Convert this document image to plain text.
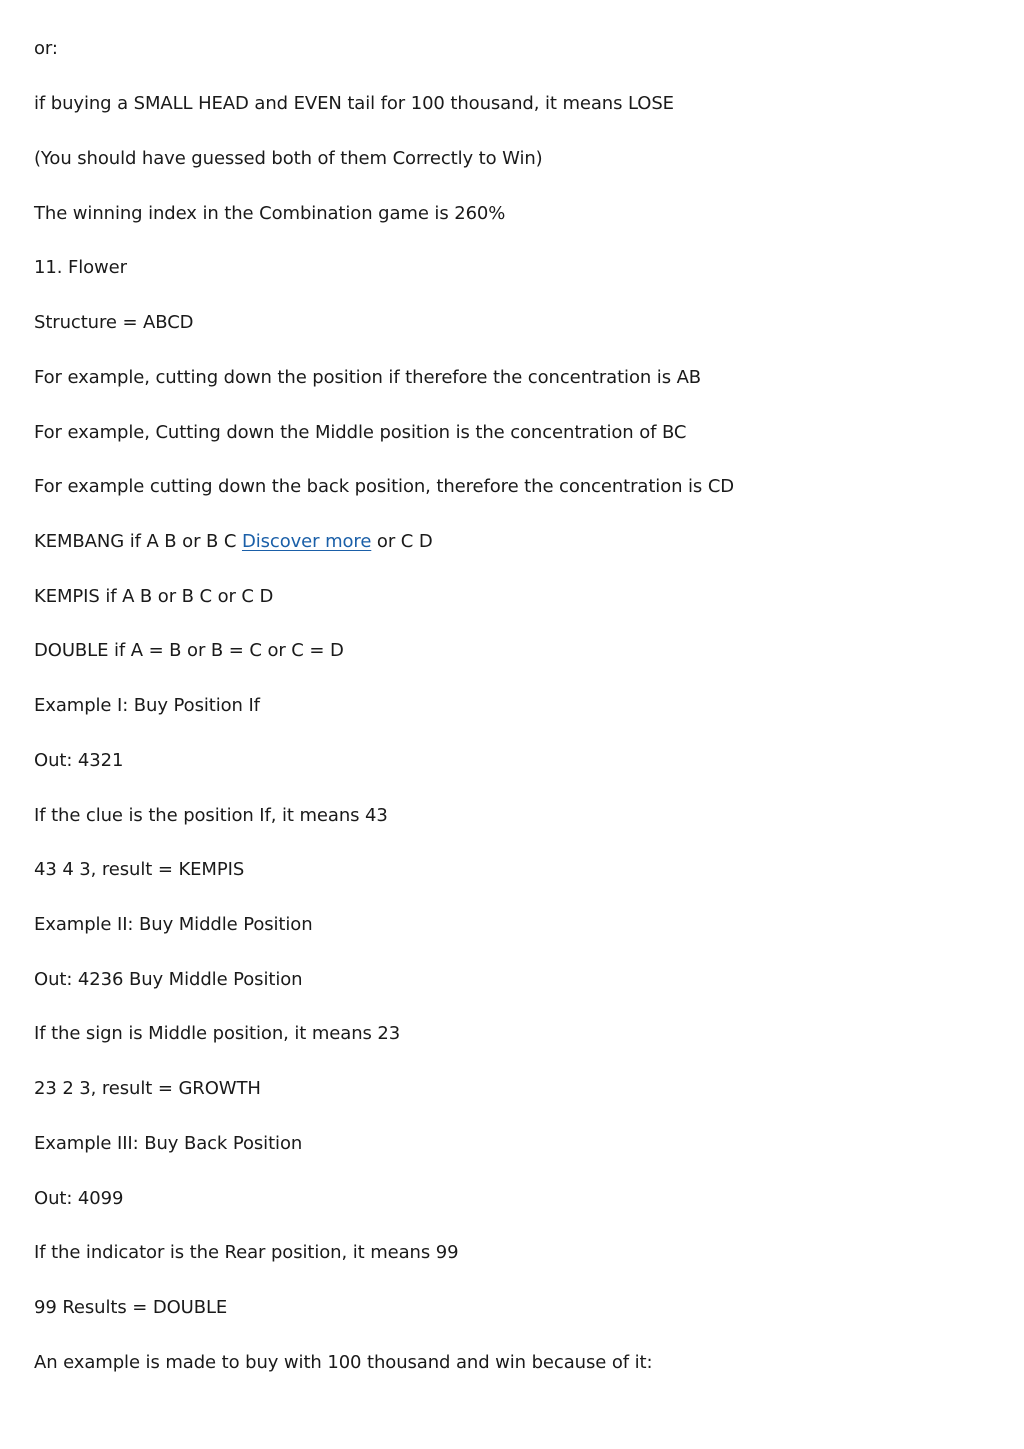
or:
if buying a SMALL HEAD and EVEN tail for 100 thousand, it means LOSE
(You should have guessed both of them Correctly to Win)
The winning index in the Combination game is 260%
11. Flower
Structure = ABCD
For example, cutting down the position if therefore the concentration is AB
For example, Cutting down the Middle position is the concentration of BC
For example cutting down the back position, therefore the concentration is CD
KEMBANG if A B or B C Discover more or C D
KEMPIS if A B or B C or C D
DOUBLE if A = B or B = C or C = D
Example I: Buy Position If
Out: 4321
If the clue is the position If, it means 43
43 4 3, result = KEMPIS
Example II: Buy Middle Position
Out: 4236 Buy Middle Position
If the sign is Middle position, it means 23
23 2 3, result = GROWTH
Example III: Buy Back Position
Out: 4099
If the indicator is the Rear position, it means 99
99 Results = DOUBLE
An example is made to buy with 100 thousand and win because of it:
